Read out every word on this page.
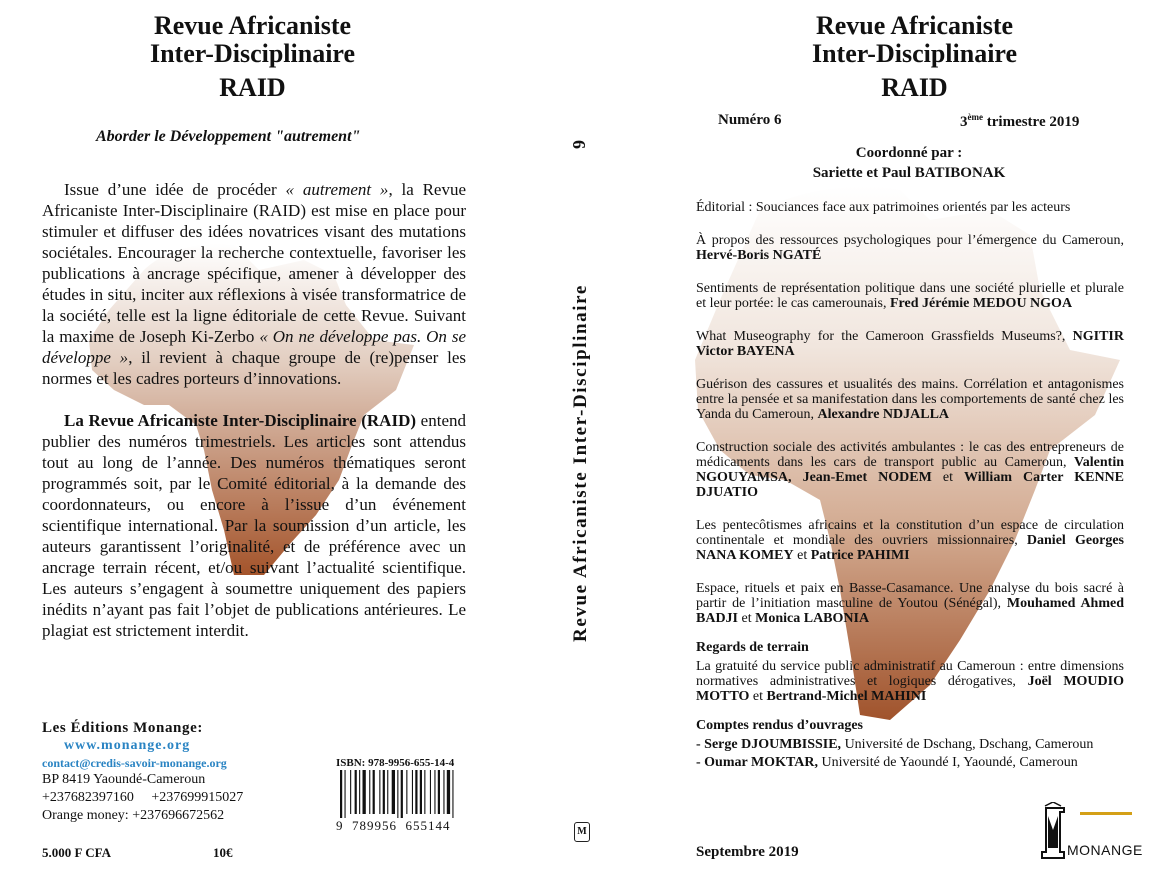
Revue Africaniste
Inter-Disciplinaire
RAID
Aborder le Développement "autrement"

Issue d’une idée de procéder « autrement », la Revue Africaniste Inter-Disciplinaire (RAID) est mise en place pour stimuler et diffuser des idées novatrices visant des mutations sociétales. Encourager la recherche contextuelle, favoriser les publications à ancrage spécifique, amener à développer des études in situ, inciter aux réflexions à visée transformatrice de la société, telle est la ligne éditoriale de cette Revue. Suivant la maxime de Joseph Ki-Zerbo « On ne développe pas. On se développe », il revient à chaque groupe de (re)penser les normes et les cadres porteurs d’innovations.

La Revue Africaniste Inter-Disciplinaire (RAID) entend publier des numéros trimestriels. Les articles sont attendus tout au long de l’année. Des numéros thématiques seront programmés soit, par le Comité éditorial, à la demande des coordonnateurs, ou encore à l’issue d’un événement scientifique international. Par la soumission d’un article, les auteurs garantissent l’originalité, et de préférence avec un ancrage terrain récent, et/ou suivant l’actualité scientifique. Les auteurs s’engagent à soumettre uniquement des papiers inédits n’ayant pas fait l’objet de publications antérieures. Le plagiat est strictement interdit.

Les Éditions Monange:
www.monange.org
contact@credis-savoir-monange.org
BP 8419 Yaoundé-Cameroun
+237682397160     +237699915027
Orange money: +237696672562
ISBN: 978-9956-655-14-4
9  789956  655144
5.000 F CFA	10€
6
Revue Africaniste Inter-Disciplinaire
M
Revue Africaniste
Inter-Disciplinaire
RAID
Numéro 6	3ème trimestre 2019
Coordonné par :
Sariette et Paul BATIBONAK
Éditorial : Souciances face aux patrimoines orientés par les acteurs
À propos des ressources psychologiques pour l’émergence du Cameroun, Hervé-Boris NGATÉ
Sentiments de représentation politique dans une société plurielle et plurale et leur portée: le cas camerounais, Fred Jérémie MEDOU NGOA
What Museography for the Cameroon Grassfields Museums?, NGITIR Victor BAYENA
Guérison des cassures et usualités des mains. Corrélation et antagonismes entre la pensée et sa manifestation dans les comportements de santé chez les Yanda du Cameroun, Alexandre NDJALLA
Construction sociale des activités ambulantes : le cas des entrepreneurs de médicaments dans les cars de transport public au Cameroun, Valentin NGOUYAMSA, Jean-Emet NODEM et William Carter KENNE DJUATIO
Les pentecôtismes africains et la constitution d’un espace de circulation continentale et mondiale des ouvriers missionnaires, Daniel Georges NANA KOMEY et Patrice PAHIMI
Espace, rituels et paix en Basse-Casamance. Une analyse du bois sacré à partir de l’initiation masculine de Youtou (Sénégal), Mouhamed Ahmed BADJI et Monica LABONIA
Regards de terrain
La gratuité du service public administratif au Cameroun : entre dimensions normatives administratives et logiques dérogatives, Joël MOUDIO MOTTO et Bertrand-Michel MAHINI
Comptes rendus d’ouvrages
- Serge DJOUMBISSIE, Université de Dschang, Dschang, Cameroun
- Oumar MOKTAR, Université de Yaoundé I, Yaoundé, Cameroun
Septembre 2019	MONANGE
